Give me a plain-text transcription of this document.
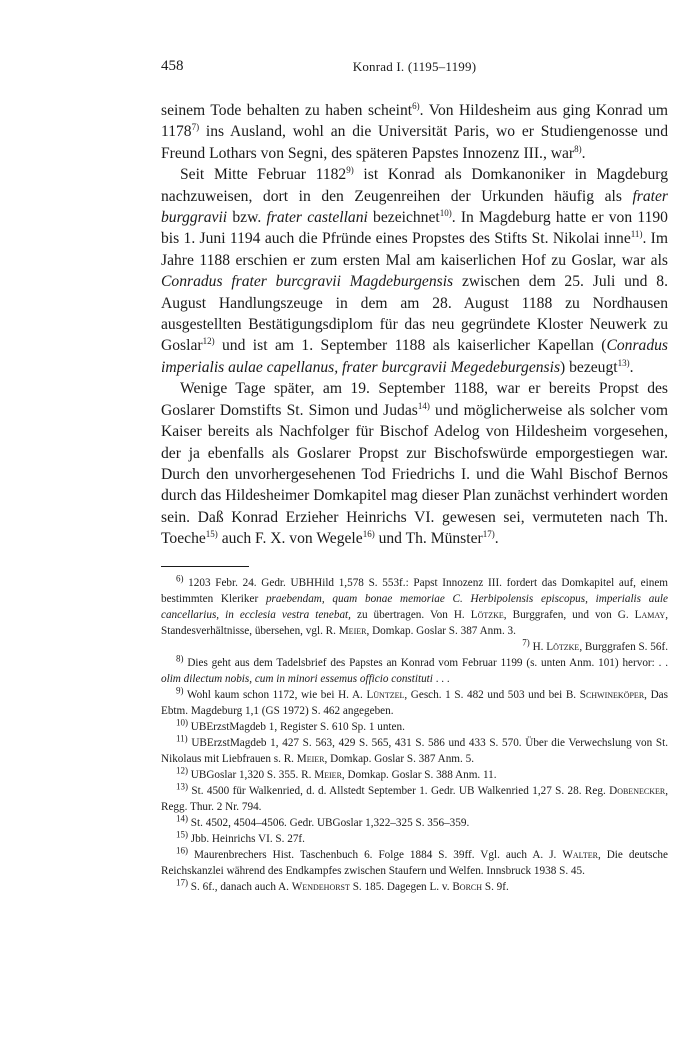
458	Konrad I. (1195–1199)

seinem Tode behalten zu haben scheint$^{6)}$. Von Hildesheim aus ging Konrad um 1178$^{7)}$ ins Ausland, wohl an die Universität Paris, wo er Studiengenosse und Freund Lothars von Segni, des späteren Papstes Innozenz III., war$^{8)}$.

Seit Mitte Februar 1182$^{9)}$ ist Konrad als Domkanoniker in Magdeburg nachzuweisen, dort in den Zeugenreihen der Urkunden häufig als frater burggravii bzw. frater castellani bezeichnet$^{10)}$. In Magdeburg hatte er von 1190 bis 1. Juni 1194 auch die Pfründe eines Propstes des Stifts St. Nikolai inne$^{11)}$. Im Jahre 1188 erschien er zum ersten Mal am kaiserlichen Hof zu Goslar, war als Conradus frater burcgravii Magdeburgensis zwischen dem 25. Juli und 8. August Handlungszeuge in dem am 28. August 1188 zu Nordhausen ausgestellten Bestätigungsdiplom für das neu gegründete Kloster Neuwerk zu Goslar$^{12)}$ und ist am 1. September 1188 als kaiserlicher Kapellan (Conradus imperialis aulae capellanus, frater burcgravii Megedeburgensis) bezeugt$^{13)}$.

Wenige Tage später, am 19. September 1188, war er bereits Propst des Goslarer Domstifts St. Simon und Judas$^{14)}$ und möglicherweise als solcher vom Kaiser bereits als Nachfolger für Bischof Adelog von Hildesheim vorgesehen, der ja ebenfalls als Goslarer Propst zur Bischofswürde emporgestiegen war. Durch den unvorhergesehenen Tod Friedrichs I. und die Wahl Bischof Bernos durch das Hildesheimer Domkapitel mag dieser Plan zunächst verhindert worden sein. Daß Konrad Erzieher Heinrichs VI. gewesen sei, vermuteten nach Th. Toeche$^{15)}$ auch F. X. von Wegele$^{16)}$ und Th. Münster$^{17)}$.

$^{6)}$ 1203 Febr. 24. Gedr. UBHHild 1,578 S. 553f.: Papst Innozenz III. fordert das Domkapitel auf, einem bestimmten Kleriker praebendam, quam bonae memoriae C. Herbipolensis episcopus, imperialis aule cancellarius, in ecclesia vestra tenebat, zu übertragen. Von H. Lötzke, Burggrafen, und von G. Lamay, Standesverhältnisse, übersehen, vgl. R. Meier, Domkap. Goslar S. 387 Anm. 3.
$^{7)}$ H. Lötzke, Burggrafen S. 56f.

$^{8)}$ Dies geht aus dem Tadelsbrief des Papstes an Konrad vom Februar 1199 (s. unten Anm. 101) hervor: . . olim dilectum nobis, cum in minori essemus officio constituti . . .

$^{9)}$ Wohl kaum schon 1172, wie bei H. A. Lüntzel, Gesch. 1 S. 482 und 503 und bei B. Schwineköper, Das Ebtm. Magdeburg 1,1 (GS 1972) S. 462 angegeben.

$^{10)}$ UBErzstMagdeb 1, Register S. 610 Sp. 1 unten.

$^{11)}$ UBErzstMagdeb 1, 427 S. 563, 429 S. 565, 431 S. 586 und 433 S. 570. Über die Verwechslung von St. Nikolaus mit Liebfrauen s. R. Meier, Domkap. Goslar S. 387 Anm. 5.

$^{12)}$ UBGoslar 1,320 S. 355. R. Meier, Domkap. Goslar S. 388 Anm. 11.

$^{13)}$ St. 4500 für Walkenried, d. d. Allstedt September 1. Gedr. UB Walkenried 1,27 S. 28. Reg. Dobenecker, Regg. Thur. 2 Nr. 794.

$^{14)}$ St. 4502, 4504–4506. Gedr. UBGoslar 1,322–325 S. 356–359.

$^{15)}$ Jbb. Heinrichs VI. S. 27f.

$^{16)}$ Maurenbrechers Hist. Taschenbuch 6. Folge 1884 S. 39ff. Vgl. auch A. J. Walter, Die deutsche Reichskanzlei während des Endkampfes zwischen Staufern und Welfen. Innsbruck 1938 S. 45.

$^{17)}$ S. 6f., danach auch A. Wendehorst S. 185. Dagegen L. v. Borch S. 9f.
